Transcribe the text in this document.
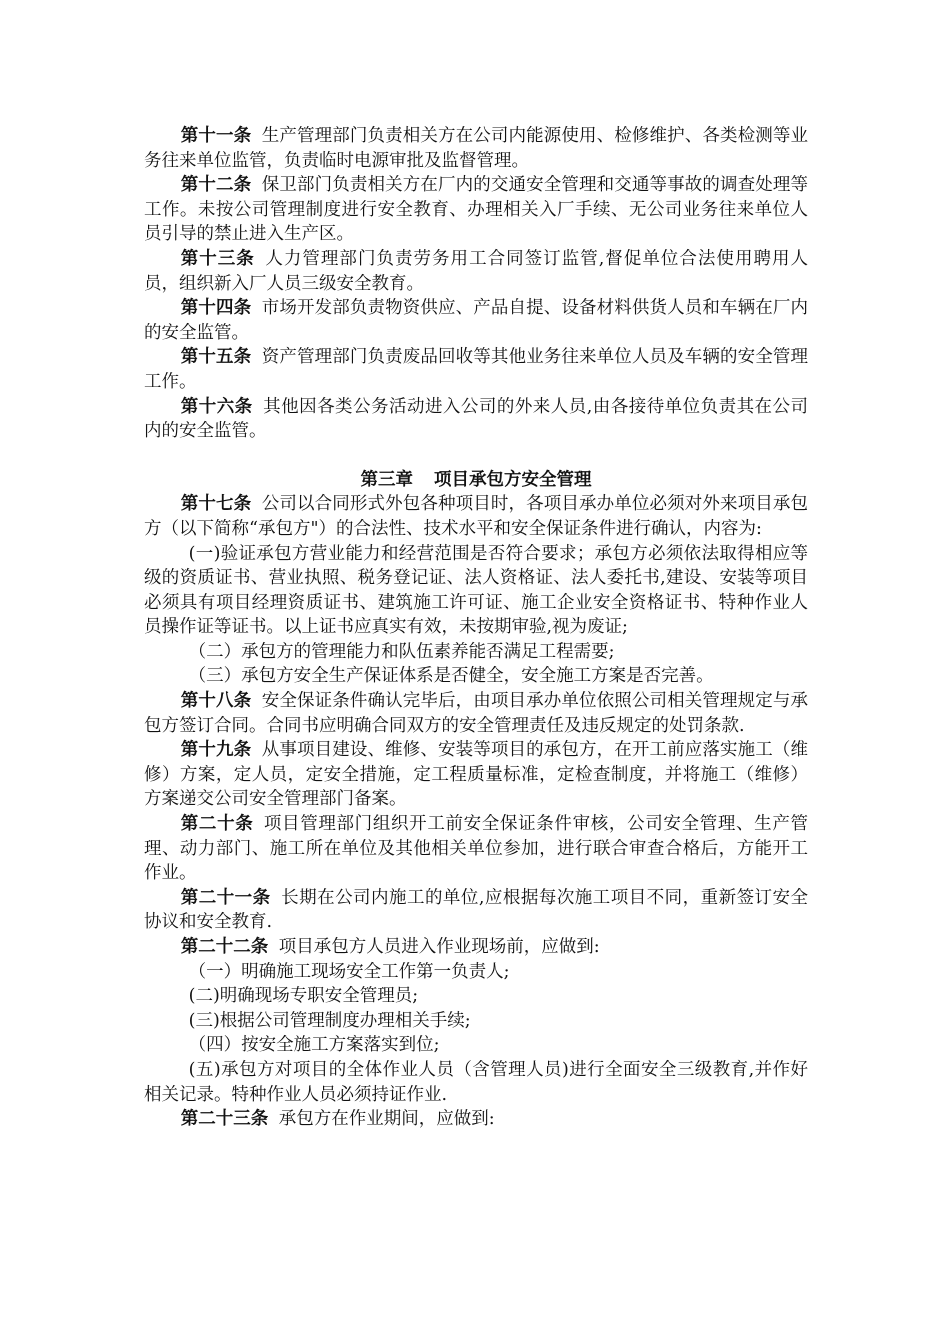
第十一条 生产管理部门负责相关方在公司内能源使用、检修维护、各类检测等业务往来单位监管，负责临时电源审批及监督管理。

第十二条 保卫部门负责相关方在厂内的交通安全管理和交通等事故的调查处理等工作。未按公司管理制度进行安全教育、办理相关入厂手续、无公司业务往来单位人员引导的禁止进入生产区。

第十三条 人力管理部门负责劳务用工合同签订监管,督促单位合法使用聘用人员，组织新入厂人员三级安全教育。

第十四条 市场开发部负责物资供应、产品自提、设备材料供货人员和车辆在厂内的安全监管。

第十五条 资产管理部门负责废品回收等其他业务往来单位人员及车辆的安全管理工作。

第十六条 其他因各类公务活动进入公司的外来人员,由各接待单位负责其在公司内的安全监管。

第三章 项目承包方安全管理

第十七条 公司以合同形式外包各种项目时，各项目承办单位必须对外来项目承包方（以下简称“承包方"）的合法性、技术水平和安全保证条件进行确认，内容为:

(一)验证承包方营业能力和经营范围是否符合要求；承包方必须依法取得相应等级的资质证书、营业执照、税务登记证、法人资格证、法人委托书,建设、安装等项目必须具有项目经理资质证书、建筑施工许可证、施工企业安全资格证书、特种作业人员操作证等证书。以上证书应真实有效，未按期审验,视为废证;

（二）承包方的管理能力和队伍素养能否满足工程需要;

（三）承包方安全生产保证体系是否健全，安全施工方案是否完善。

第十八条 安全保证条件确认完毕后，由项目承办单位依照公司相关管理规定与承包方签订合同。合同书应明确合同双方的安全管理责任及违反规定的处罚条款.

第十九条 从事项目建设、维修、安装等项目的承包方，在开工前应落实施工（维修）方案，定人员，定安全措施，定工程质量标准，定检查制度，并将施工（维修）方案递交公司安全管理部门备案。

第二十条 项目管理部门组织开工前安全保证条件审核，公司安全管理、生产管理、动力部门、施工所在单位及其他相关单位参加，进行联合审查合格后，方能开工作业。

第二十一条 长期在公司内施工的单位,应根据每次施工项目不同，重新签订安全协议和安全教育.

第二十二条 项目承包方人员进入作业现场前，应做到:

（一）明确施工现场安全工作第一负责人;

(二)明确现场专职安全管理员;

(三)根据公司管理制度办理相关手续;

（四）按安全施工方案落实到位;

(五)承包方对项目的全体作业人员（含管理人员)进行全面安全三级教育,并作好相关记录。特种作业人员必须持证作业.

第二十三条 承包方在作业期间，应做到:
